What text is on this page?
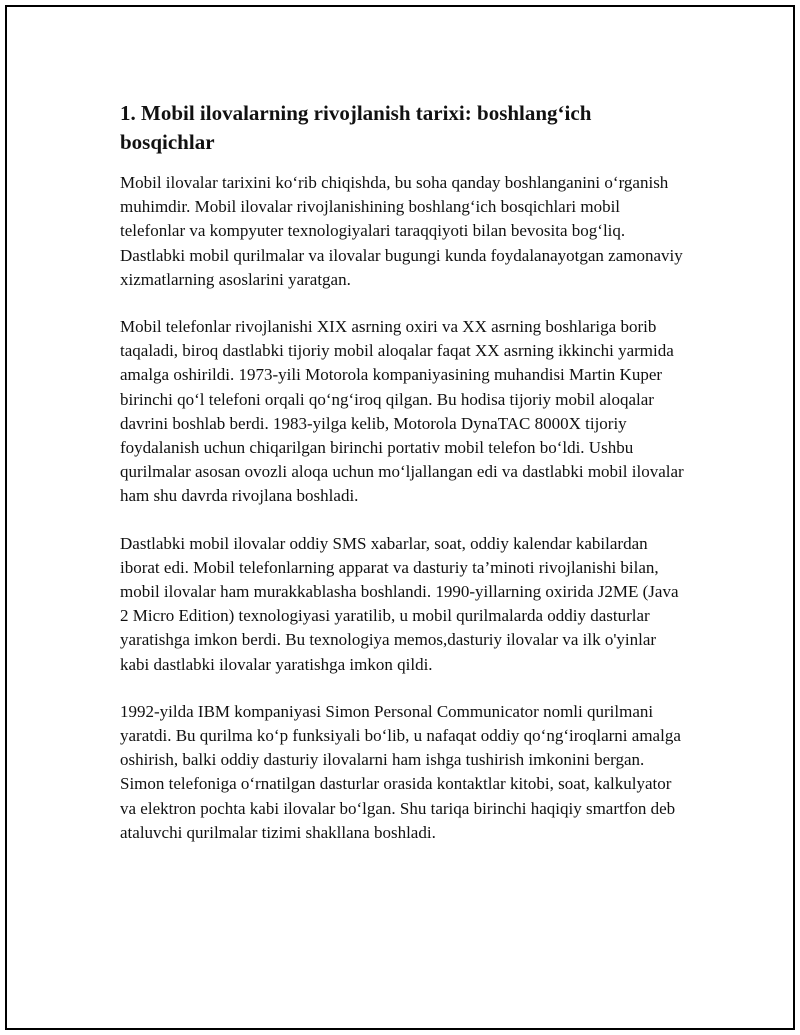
1. Mobil ilovalarning rivojlanish tarixi: boshlang‘ich bosqichlar

Mobil ilovalar tarixini ko‘rib chiqishda, bu soha qanday boshlanganini o‘rganish muhimdir. Mobil ilovalar rivojlanishining boshlang‘ich bosqichlari mobil telefonlar va kompyuter texnologiyalari taraqqiyoti bilan bevosita bog‘liq. Dastlabki mobil qurilmalar va ilovalar bugungi kunda foydalanayotgan zamonaviy xizmatlarning asoslarini yaratgan.

Mobil telefonlar rivojlanishi XIX asrning oxiri va XX asrning boshlariga borib taqaladi, biroq dastlabki tijoriy mobil aloqalar faqat XX asrning ikkinchi yarmida amalga oshirildi. 1973-yili Motorola kompaniyasining muhandisi Martin Kuper birinchi qo‘l telefoni orqali qo‘ng‘iroq qilgan. Bu hodisa tijoriy mobil aloqalar davrini boshlab berdi. 1983-yilga kelib, Motorola DynaTAC 8000X tijoriy foydalanish uchun chiqarilgan birinchi portativ mobil telefon bo‘ldi. Ushbu qurilmalar asosan ovozli aloqa uchun mo‘ljallangan edi va dastlabki mobil ilovalar ham shu davrda rivojlana boshladi.

Dastlabki mobil ilovalar oddiy SMS xabarlar, soat, oddiy kalendar kabilardan iborat edi. Mobil telefonlarning apparat va dasturiy ta’minoti rivojlanishi bilan, mobil ilovalar ham murakkablasha boshlandi. 1990-yillarning oxirida J2ME (Java 2 Micro Edition) texnologiyasi yaratilib, u mobil qurilmalarda oddiy dasturlar yaratishga imkon berdi. Bu texnologiya memos,dasturiy ilovalar va ilk o'yinlar kabi dastlabki ilovalar yaratishga imkon qildi.

1992-yilda IBM kompaniyasi Simon Personal Communicator nomli qurilmani yaratdi. Bu qurilma ko‘p funksiyali bo‘lib, u nafaqat oddiy qo‘ng‘iroqlarni amalga oshirish, balki oddiy dasturiy ilovalarni ham ishga tushirish imkonini bergan. Simon telefoniga o‘rnatilgan dasturlar orasida kontaktlar kitobi, soat, kalkulyator va elektron pochta kabi ilovalar bo‘lgan. Shu tariqa birinchi haqiqiy smartfon deb ataluvchi qurilmalar tizimi shakllana boshladi.
